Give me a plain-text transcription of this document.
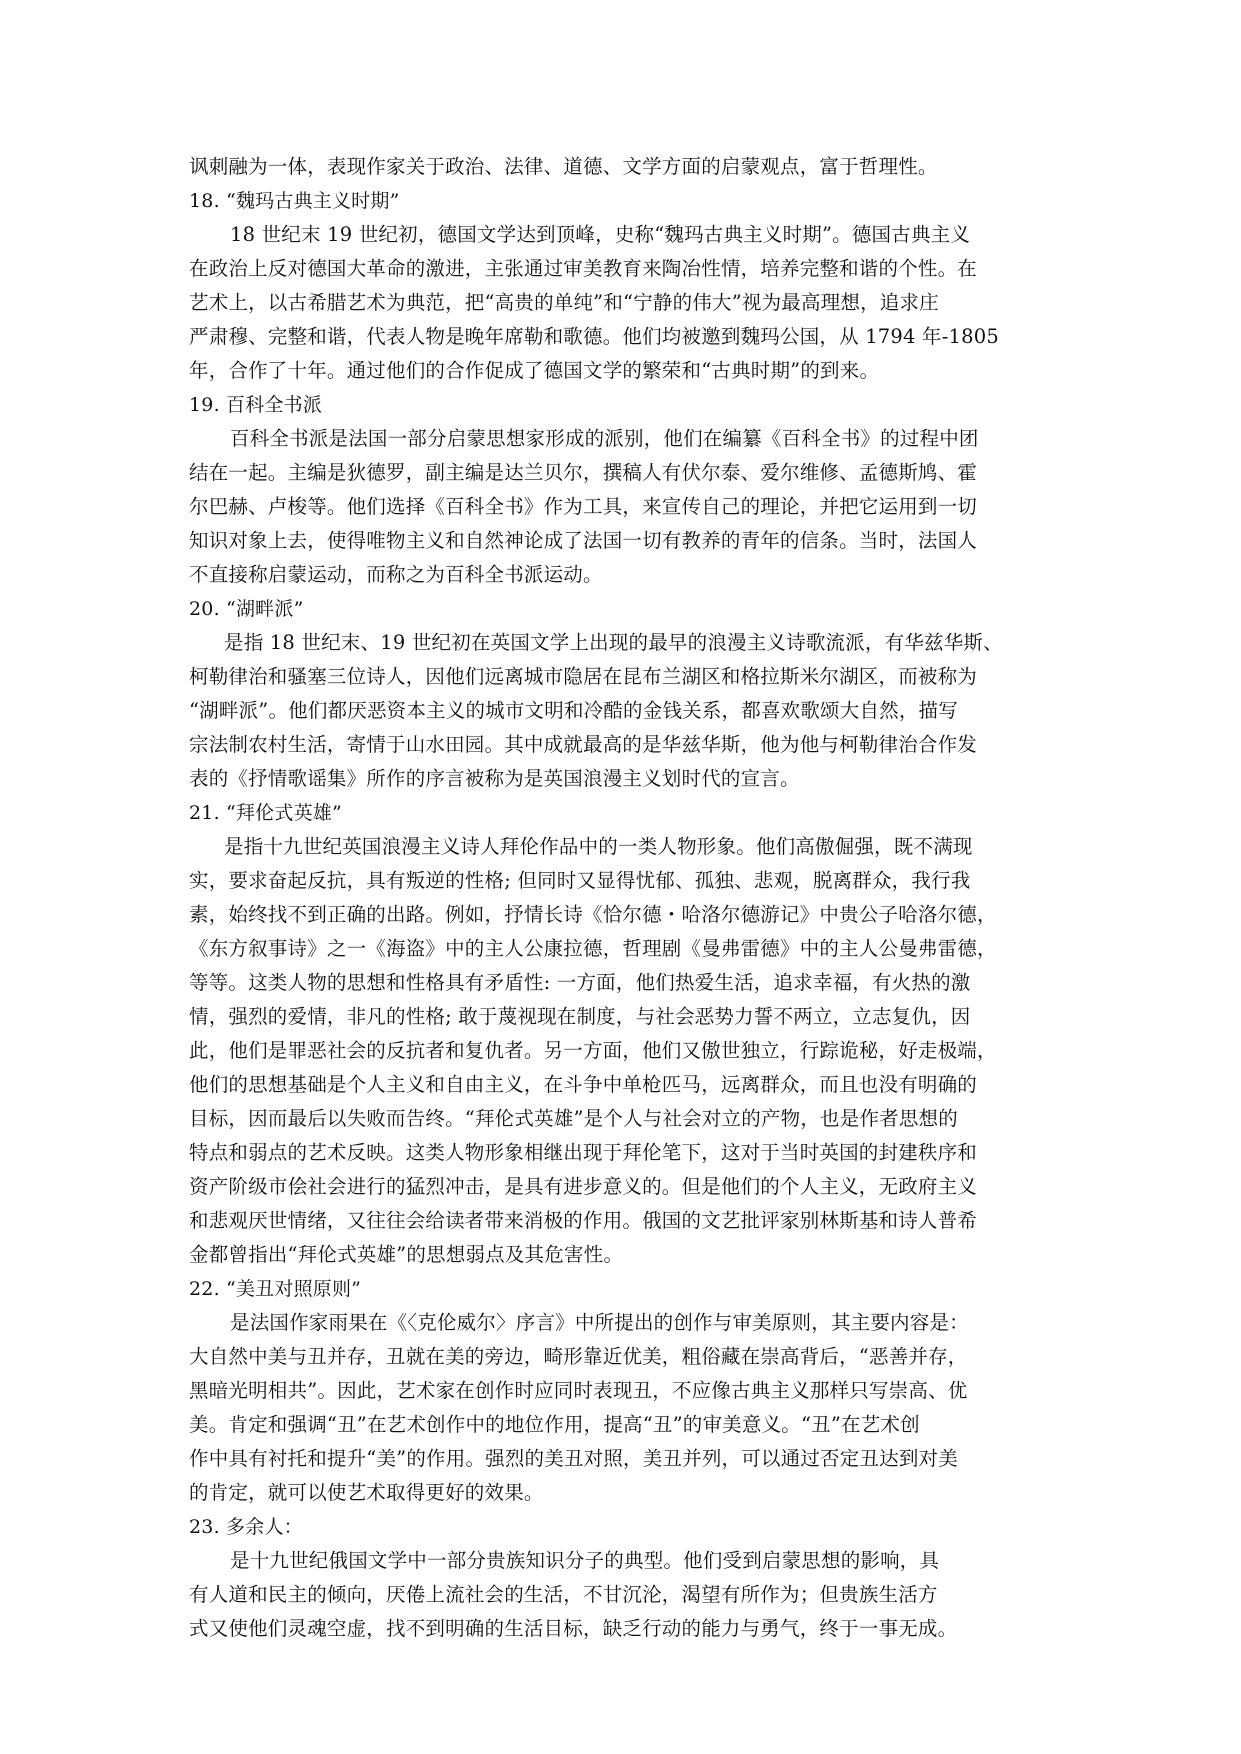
讽刺融为一体，表现作家关于政治、法律、道德、文学方面的启蒙观点，富于哲理性。
18. “魏玛古典主义时期”
18 世纪末 19 世纪初，德国文学达到顶峰，史称“魏玛古典主义时期”。德国古典主义
在政治上反对德国大革命的激进，主张通过审美教育来陶冶性情，培养完整和谐的个性。在
艺术上，以古希腊艺术为典范，把“高贵的单纯”和“宁静的伟大”视为最高理想，追求庄
严肃穆、完整和谐，代表人物是晚年席勒和歌德。他们均被邀到魏玛公国，从 1794 年-1805
年，合作了十年。通过他们的合作促成了德国文学的繁荣和“古典时期”的到来。
19. 百科全书派
百科全书派是法国一部分启蒙思想家形成的派别，他们在编纂《百科全书》的过程中团
结在一起。主编是狄德罗，副主编是达兰贝尔，撰稿人有伏尔泰、爱尔维修、孟德斯鸠、霍
尔巴赫、卢梭等。他们选择《百科全书》作为工具，来宣传自己的理论，并把它运用到一切
知识对象上去，使得唯物主义和自然神论成了法国一切有教养的青年的信条。当时，法国人
不直接称启蒙运动，而称之为百科全书派运动。
20. “湖畔派”
是指 18 世纪末、19 世纪初在英国文学上出现的最早的浪漫主义诗歌流派，有华兹华斯、
柯勒律治和骚塞三位诗人，因他们远离城市隐居在昆布兰湖区和格拉斯米尔湖区，而被称为
“湖畔派”。他们都厌恶资本主义的城市文明和冷酷的金钱关系，都喜欢歌颂大自然，描写
宗法制农村生活，寄情于山水田园。其中成就最高的是华兹华斯，他为他与柯勒律治合作发
表的《抒情歌谣集》所作的序言被称为是英国浪漫主义划时代的宣言。
21. “拜伦式英雄”
是指十九世纪英国浪漫主义诗人拜伦作品中的一类人物形象。他们高傲倔强，既不满现
实，要求奋起反抗，具有叛逆的性格; 但同时又显得忧郁、孤独、悲观，脱离群众，我行我
素，始终找不到正确的出路。例如，抒情长诗《恰尔德・哈洛尔德游记》中贵公子哈洛尔德，
《东方叙事诗》之一《海盗》中的主人公康拉德，哲理剧《曼弗雷德》中的主人公曼弗雷德，
等等。这类人物的思想和性格具有矛盾性: 一方面，他们热爱生活，追求幸福，有火热的激
情，强烈的爱情，非凡的性格; 敢于蔑视现在制度，与社会恶势力誓不两立，立志复仇，因
此，他们是罪恶社会的反抗者和复仇者。另一方面，他们又傲世独立，行踪诡秘，好走极端，
他们的思想基础是个人主义和自由主义，在斗争中单枪匹马，远离群众，而且也没有明确的
目标，因而最后以失败而告终。“拜伦式英雄”是个人与社会对立的产物，也是作者思想的
特点和弱点的艺术反映。这类人物形象相继出现于拜伦笔下，这对于当时英国的封建秩序和
资产阶级市侩社会进行的猛烈冲击，是具有进步意义的。但是他们的个人主义，无政府主义
和悲观厌世情绪，又往往会给读者带来消极的作用。俄国的文艺批评家别林斯基和诗人普希
金都曾指出“拜伦式英雄”的思想弱点及其危害性。
22. “美丑对照原则”
是法国作家雨果在《〈克伦威尔〉序言》中所提出的创作与审美原则，其主要内容是：
大自然中美与丑并存，丑就在美的旁边，畸形靠近优美，粗俗藏在崇高背后，“恶善并存，
黑暗光明相共”。因此，艺术家在创作时应同时表现丑，不应像古典主义那样只写崇高、优
美。肯定和强调“丑”在艺术创作中的地位作用，提高“丑”的审美意义。“丑”在艺术创
作中具有衬托和提升“美”的作用。强烈的美丑对照，美丑并列，可以通过否定丑达到对美
的肯定，就可以使艺术取得更好的效果。
23. 多余人：
是十九世纪俄国文学中一部分贵族知识分子的典型。他们受到启蒙思想的影响，具
有人道和民主的倾向，厌倦上流社会的生活，不甘沉沦，渴望有所作为；但贵族生活方
式又使他们灵魂空虚，找不到明确的生活目标，缺乏行动的能力与勇气，终于一事无成。
